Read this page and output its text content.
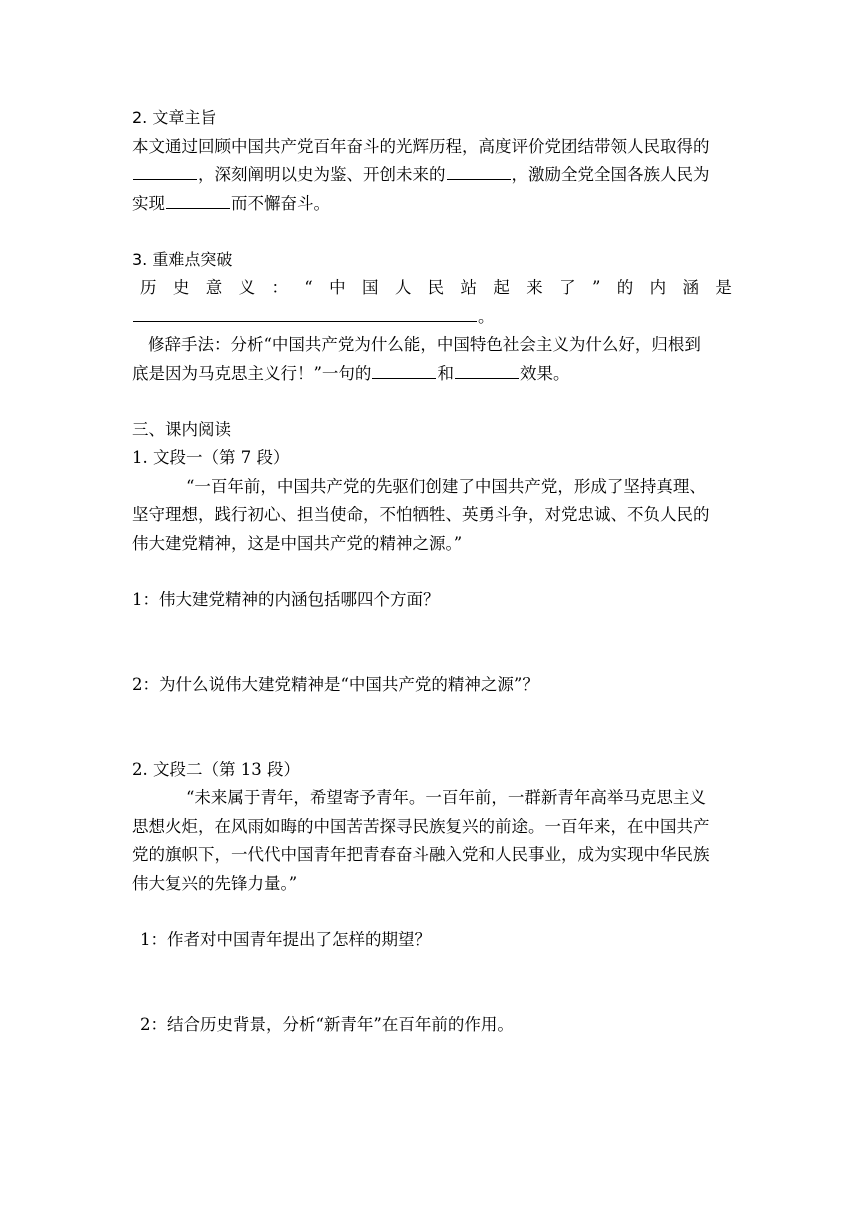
2. 文章主旨
本文通过回顾中国共产党百年奋斗的光辉历程，高度评价党团结带领人民取得的
，深刻阐明以史为鉴、开创未来的	，激励全党全国各族人民为
实现	而不懈奋斗。
3. 重难点突破
历 史 意 义 ： “ 中 国 人 民 站 起 来 了 ” 的 内 涵 是
。
修辞手法：分析“中国共产党为什么能，中国特色社会主义为什么好，归根到
底是因为马克思主义行！”一句的	和	效果。
三、课内阅读
1. 文段一（第 7 段）
“一百年前，中国共产党的先驱们创建了中国共产党，形成了坚持真理、
坚守理想，践行初心、担当使命，不怕牺牲、英勇斗争，对党忠诚、不负人民的
伟大建党精神，这是中国共产党的精神之源。”
1：伟大建党精神的内涵包括哪四个方面？
2：为什么说伟大建党精神是“中国共产党的精神之源”？
2. 文段二（第 13 段）
“未来属于青年，希望寄予青年。一百年前，一群新青年高举马克思主义
思想火炬，在风雨如晦的中国苦苦探寻民族复兴的前途。一百年来，在中国共产
党的旗帜下，一代代中国青年把青春奋斗融入党和人民事业，成为实现中华民族
伟大复兴的先锋力量。”
1：作者对中国青年提出了怎样的期望？
2：结合历史背景，分析“新青年”在百年前的作用。
